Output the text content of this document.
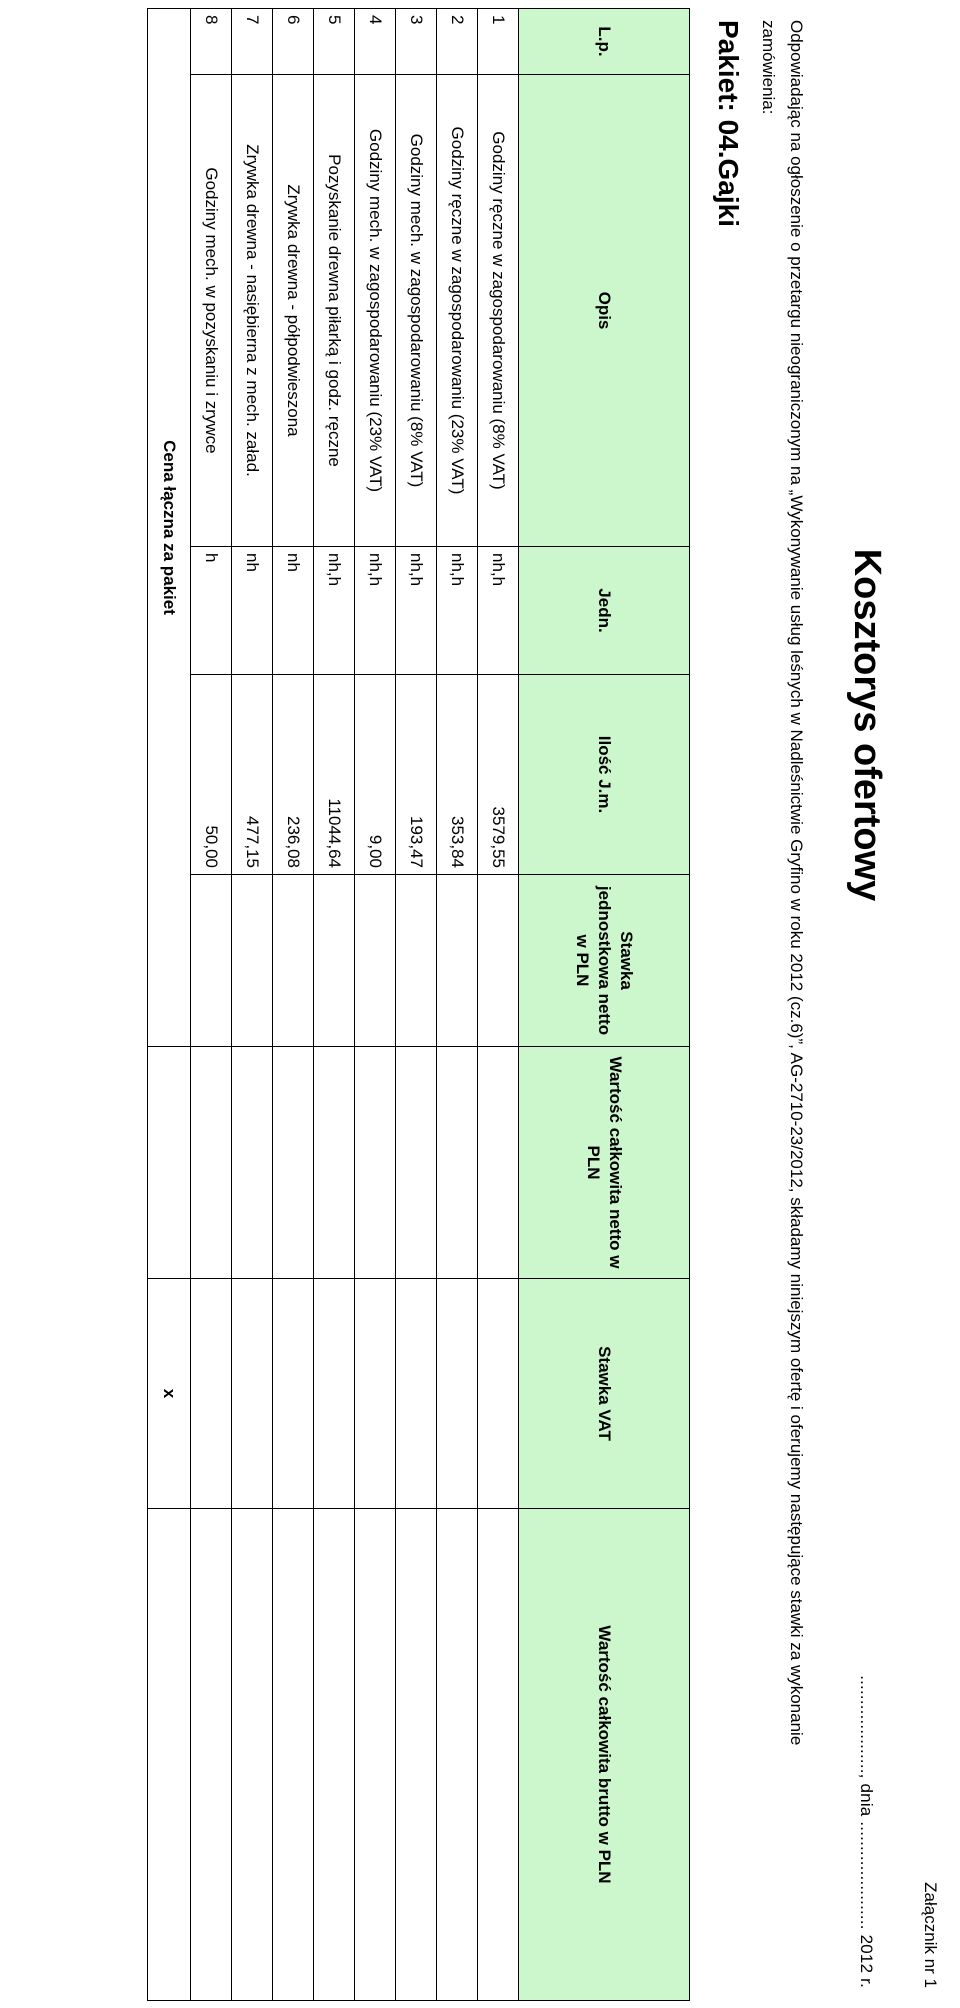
Załącznik nr 1
...................., dnia ...................... 2012 r.
Kosztorys ofertowy
Odpowiadając na ogłoszenie o przetargu nieograniczonym na „Wykonywanie usług leśnych w Nadleśnictwie Gryfino w roku 2012 (cz.6)”, AG-2710-23/2012, składamy niniejszym ofertę i oferujemy następujące stawki za wykonanie zamówienia:
Pakiet: 04.Gajki
L.p.	Opis	Jedn.	Ilość J.m.	Stawka jednostkowa netto w PLN	Wartość całkowita netto w PLN	Stawka VAT	Wartość całkowita brutto w PLN
1	Godziny ręczne w zagospodarowaniu (8% VAT)	nh,h	3579,55				
2	Godziny ręczne w zagospodarowaniu (23% VAT)	nh,h	353,84				
3	Godziny mech. w zagospodarowaniu (8% VAT)	nh,h	193,47				
4	Godziny mech. w zagospodarowaniu (23% VAT)	nh,h	9,00				
5	Pozyskanie drewna piłarką i godz. ręczne	nh,h	11044,64				
6	Zrywka drewna - półpodwieszona	nh	236,08				
7	Zrywka drewna - nasiębierna z mech. załad.	nh	477,15				
8	Godziny mech. w pozyskaniu i zrywce	h	50,00				
Cena łączna za pakiet						x	
